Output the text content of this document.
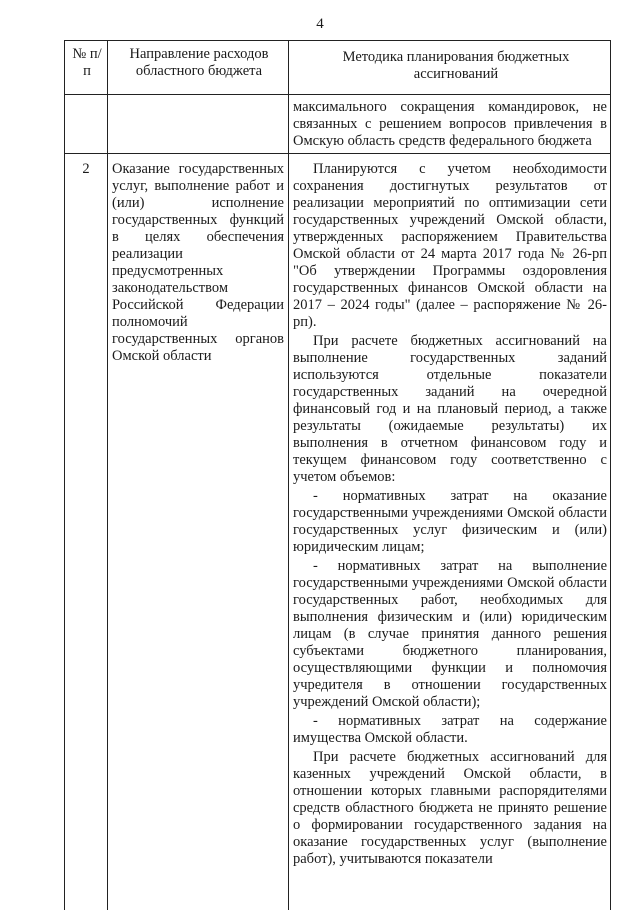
4
№ п/п
Направление расходов областного бюджета
Методика планирования бюджетных ассигнований

максимального сокращения командировок, не связанных с решением вопросов привлечения в Омскую область средств федерального бюджета

2	Оказание государственных услуг, выполнение работ и (или) исполнение государственных функций в целях обеспечения реализации предусмотренных законодательством Российской Федерации полномочий государственных органов Омской области

Планируются с учетом необходимости сохранения достигнутых результатов от реализации мероприятий по оптимизации сети государственных учреждений Омской области, утвержденных распоряжением Правительства Омской области от 24 марта 2017 года № 26-рп "Об утверждении Программы оздоровления государственных финансов Омской области на 2017 – 2024 годы" (далее – распоряжение № 26-рп).

При расчете бюджетных ассигнований на выполнение государственных заданий используются отдельные показатели государственных заданий на очередной финансовый год и на плановый период, а также результаты (ожидаемые результаты) их выполнения в отчетном финансовом году и текущем финансовом году соответственно с учетом объемов:

- нормативных затрат на оказание государственными учреждениями Омской области государственных услуг физическим и (или) юридическим лицам;

- нормативных затрат на выполнение государственными учреждениями Омской области государственных работ, необходимых для выполнения физическим и (или) юридическим лицам (в случае принятия данного решения субъектами бюджетного планирования, осуществляющими функции и полномочия учредителя в отношении государственных учреждений Омской области);

- нормативных затрат на содержание имущества Омской области.

При расчете бюджетных ассигнований для казенных учреждений Омской области, в отношении которых главными распорядителями средств областного бюджета не принято решение о формировании государственного задания на оказание государственных услуг (выполнение работ), учитываются показатели
